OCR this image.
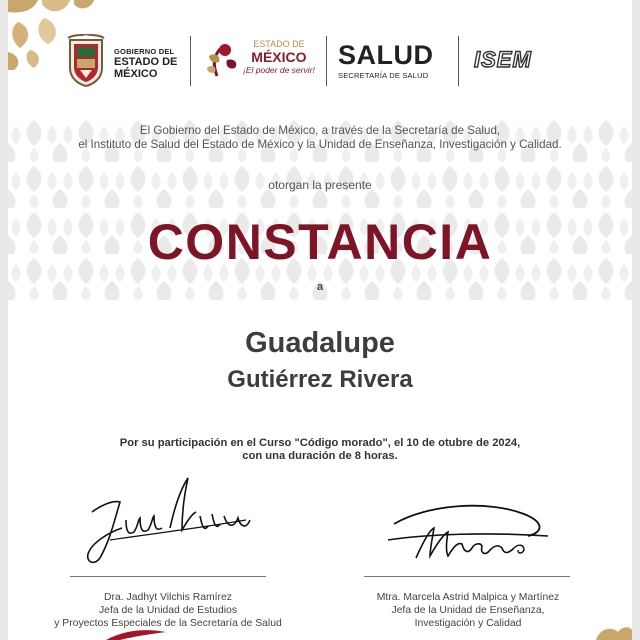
GOBIERNO DEL
ESTADO DE
MÉXICO
ESTADO DE
MÉXICO
¡El poder de servir! SALUD
SECRETARÍA DE SALUD
ISEM
El Gobierno del Estado de México, a través de la Secretaría de Salud,
el Instituto de Salud del Estado de México y la Unidad de Enseñanza, Investigación y Calidad.
otorgan la presente
CONSTANCIA
a
Guadalupe
Gutiérrez Rivera
Por su participación en el Curso "Código morado", el 10 de otubre de 2024,
con una duración de 8 horas.
Dra. Jadhyt Vilchis Ramírez
Jefa de la Unidad de Estudios
y Proyectos Especiales de la Secretaría de Salud
Mtra. Marcela Astrid Malpica y Martínez
Jefa de la Unidad de Enseñanza,
Investigación y Calidad
